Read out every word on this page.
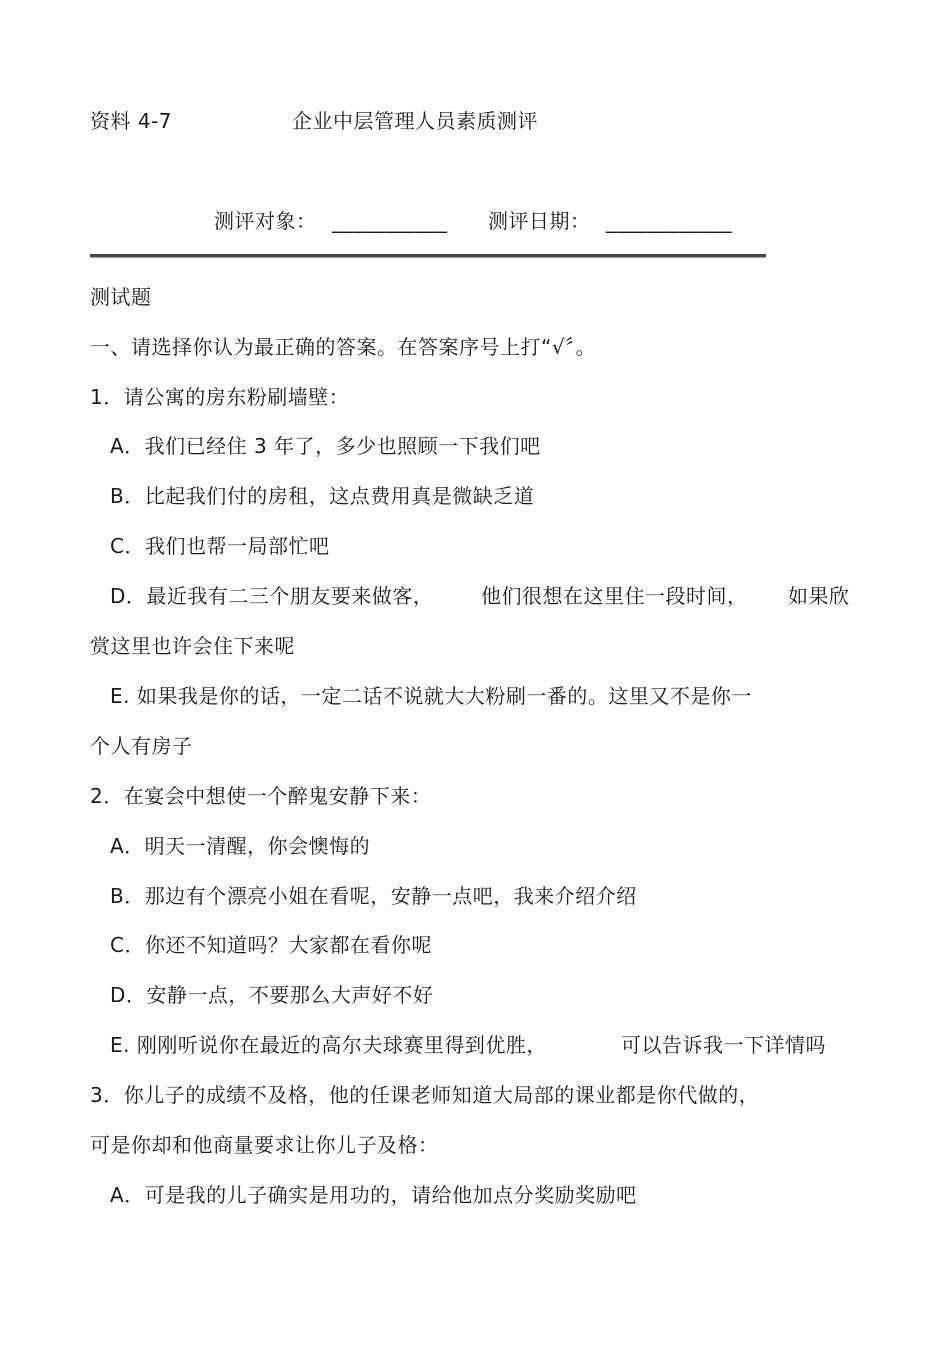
资料 4-7	企业中层管理人员素质测评
测评对象： ___________ 测评日期： ____________
测试题
一、请选择你认为最正确的答案。在答案序号上打“√〞。
1．请公寓的房东粉刷墙壁：
A．我们已经住 3 年了，多少也照顾一下我们吧
B．比起我们付的房租，这点费用真是微缺乏道
C．我们也帮一局部忙吧
D．最近我有二三个朋友要来做客， 他们很想在这里住一段时间， 如果欣
赏这里也许会住下来呢
E. 如果我是你的话，一定二话不说就大大粉刷一番的。这里又不是你一
个人有房子
2．在宴会中想使一个醉鬼安静下来：
A．明天一清醒，你会懊悔的
B．那边有个漂亮小姐在看呢，安静一点吧，我来介绍介绍
C．你还不知道吗？大家都在看你呢
D．安静一点，不要那么大声好不好
E. 刚刚听说你在最近的高尔夫球赛里得到优胜，	可以告诉我一下详情吗
3．你儿子的成绩不及格，他的任课老师知道大局部的课业都是你代做的，
可是你却和他商量要求让你儿子及格：
A．可是我的儿子确实是用功的，请给他加点分奖励奖励吧
